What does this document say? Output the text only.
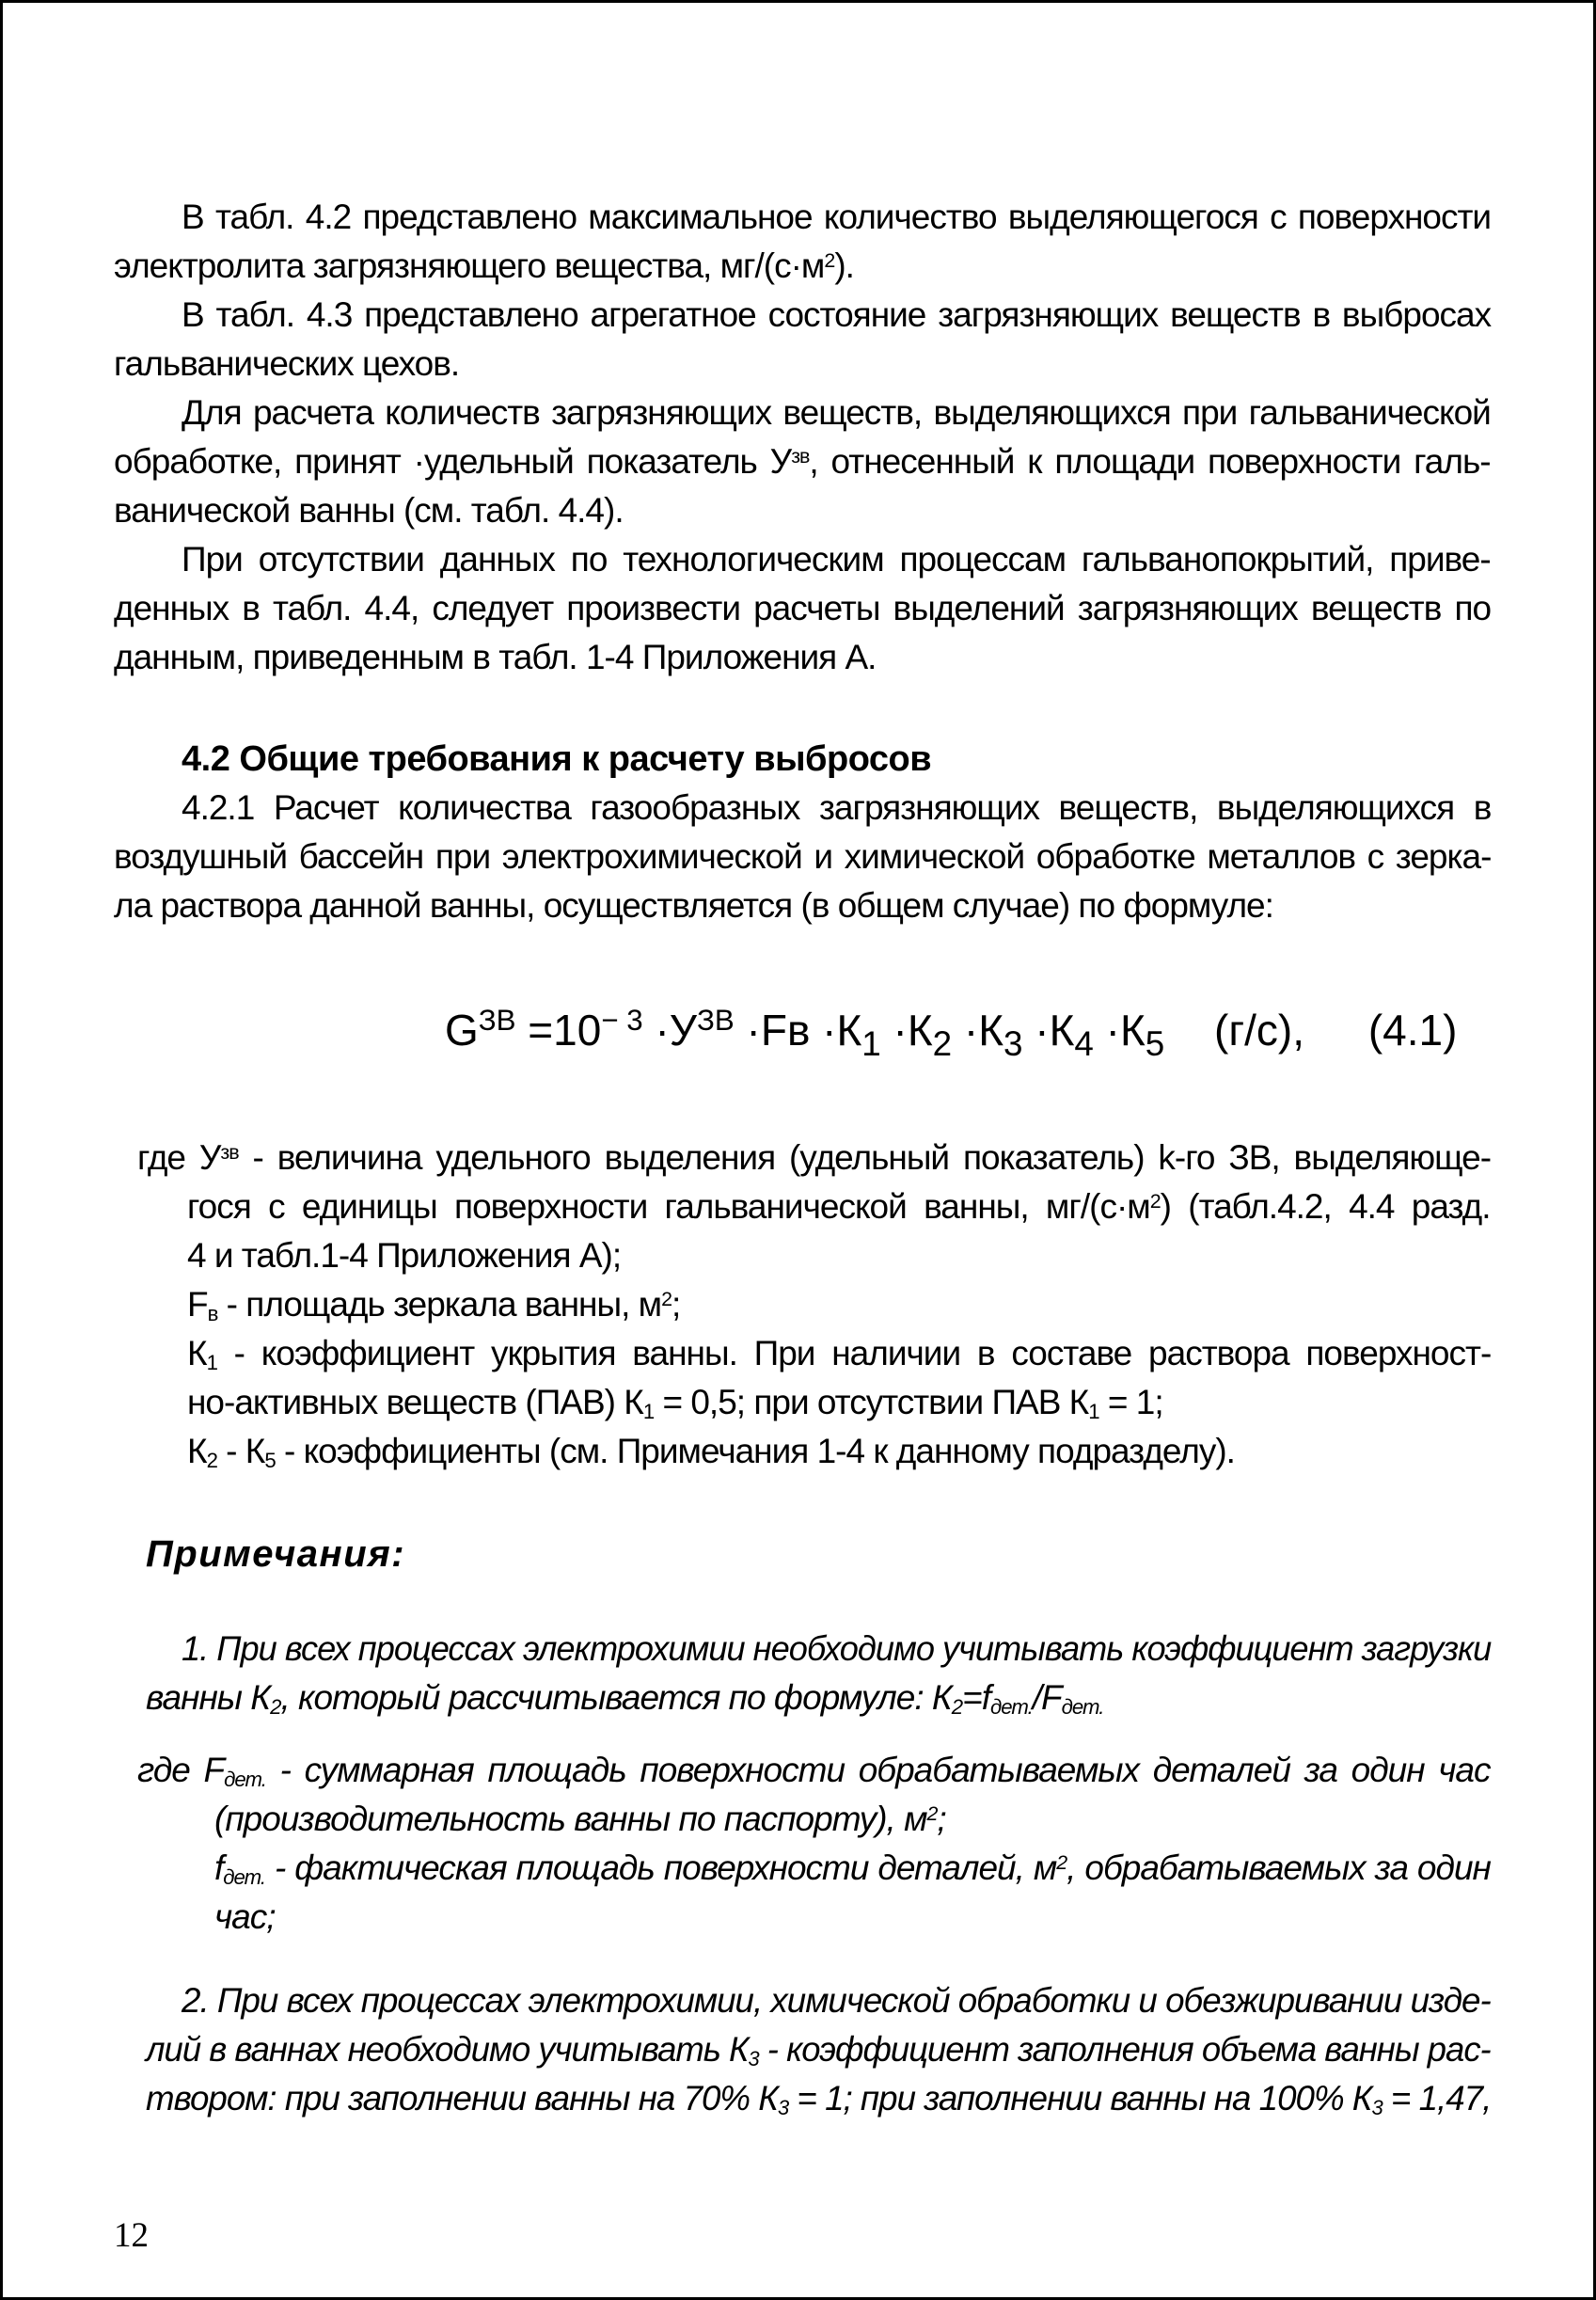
В табл. 4.2 представлено максимальное количество выделяющегося с поверхности
электролита загрязняющего вещества, $мг/(с\cdot м^2)$.
В табл. 4.3 представлено агрегатное состояние загрязняющих веществ в выбросах
гальванических цехов.
Для расчета количеств загрязняющих веществ, выделяющихся при гальванической
обработке, принят ·удельный показатель $У^{зв}$, отнесенный к площади поверхности галь-
ванической ванны (см. табл. 4.4).
При отсутствии данных по технологическим процессам гальванопокрытий, приве-
денных в табл. 4.4, следует произвести расчеты выделений загрязняющих веществ по
данным, приведенным в табл. 1-4 Приложения А.
4.2 Общие требования к расчету выбросов
4.2.1 Расчет количества газообразных загрязняющих веществ, выделяющихся в
воздушный бассейн при электрохимической и химической обработке металлов с зерка-
ла раствора данной ванны, осуществляется (в общем случае) по формуле:
$G^{ЗВ} =10^{- 3} \cdot У^{ЗВ} \cdot Fв \cdot К_1 \cdot К_2 \cdot К_3 \cdot К_4 \cdot К_5$ (г/с), (4.1)
где $У^{зв}$ - величина удельного выделения (удельный показатель) k-го ЗВ, выделяюще-
гося с единицы поверхности гальванической ванны, $мг/(с\cdot м^2)$ (табл.4.2, 4.4 разд.
4 и табл.1-4 Приложения А);
$F_в$ - площадь зеркала ванны, $м^2$;
$К_1$ - коэффициент укрытия ванны. При наличии в составе раствора поверхност-
но-активных веществ (ПАВ) $К_1 = 0,5$; при отсутствии ПАВ $К_1 = 1$;
$К_2 - К_5$ - коэффициенты (см. Примечания 1-4 к данному подразделу).
Примечания:
1. При всех процессах электрохимии необходимо учитывать коэффициент загрузки
ванны $К_2$, который рассчитывается по формуле: $К_2=f_{дет.}/F_{дет.}$
где $F_{дет.}$ - суммарная площадь поверхности обрабатываемых деталей за один час
(производительность ванны по паспорту), $м^2$;
$f_{дет.}$ - фактическая площадь поверхности деталей, $м^2$, обрабатываемых за один
час;
2. При всех процессах электрохимии, химической обработки и обезжиривании изде-
лий в ваннах необходимо учитывать $К_3$ - коэффициент заполнения объема ванны рас-
твором: при заполнении ванны на 70% $К_3 = 1$; при заполнении ванны на 100% $К_3 = 1,47$,
12
